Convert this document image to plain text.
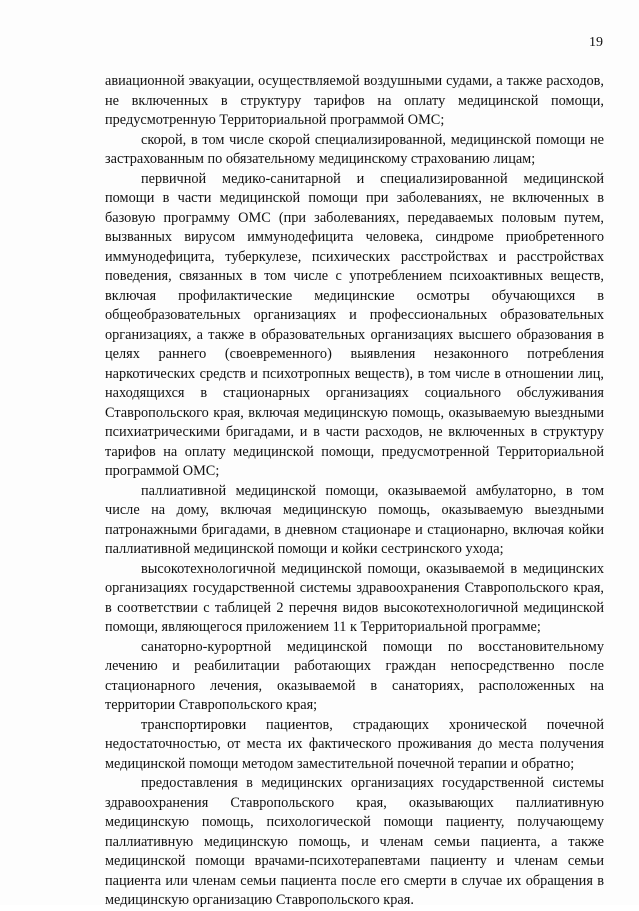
19

авиационной эвакуации, осуществляемой воздушными судами, а также расходов, не включенных в структуру тарифов на оплату медицинской помощи, предусмотренную Территориальной программой ОМС;

скорой, в том числе скорой специализированной, медицинской помощи не застрахованным по обязательному медицинскому страхованию лицам;

первичной медико-санитарной и специализированной медицинской помощи в части медицинской помощи при заболеваниях, не включенных в базовую программу ОМС (при заболеваниях, передаваемых половым путем, вызванных вирусом иммунодефицита человека, синдроме приобретенного иммунодефицита, туберкулезе, психических расстройствах и расстройствах поведения, связанных в том числе с употреблением психоактивных веществ, включая профилактические медицинские осмотры обучающихся в общеобразовательных организациях и профессиональных образовательных организациях, а также в образовательных организациях высшего образования в целях раннего (своевременного) выявления незаконного потребления наркотических средств и психотропных веществ), в том числе в отношении лиц, находящихся в стационарных организациях социального обслуживания Ставропольского края, включая медицинскую помощь, оказываемую выездными психиатрическими бригадами, и в части расходов, не включенных в структуру тарифов на оплату медицинской помощи, предусмотренной Территориальной программой ОМС;

паллиативной медицинской помощи, оказываемой амбулаторно, в том числе на дому, включая медицинскую помощь, оказываемую выездными патронажными бригадами, в дневном стационаре и стационарно, включая койки паллиативной медицинской помощи и койки сестринского ухода;

высокотехнологичной медицинской помощи, оказываемой в медицинских организациях государственной системы здравоохранения Ставропольского края, в соответствии с таблицей 2 перечня видов высокотехнологичной медицинской помощи, являющегося приложением 11 к Территориальной программе;

санаторно-курортной медицинской помощи по восстановительному лечению и реабилитации работающих граждан непосредственно после стационарного лечения, оказываемой в санаториях, расположенных на территории Ставропольского края;

транспортировки пациентов, страдающих хронической почечной недостаточностью, от места их фактического проживания до места получения медицинской помощи методом заместительной почечной терапии и обратно;

предоставления в медицинских организациях государственной системы здравоохранения Ставропольского края, оказывающих паллиативную медицинскую помощь, психологической помощи пациенту, получающему паллиативную медицинскую помощь, и членам семьи пациента, а также медицинской помощи врачами-психотерапевтами пациенту и членам семьи пациента или членам семьи пациента после его смерти в случае их обращения в медицинскую организацию Ставропольского края.
